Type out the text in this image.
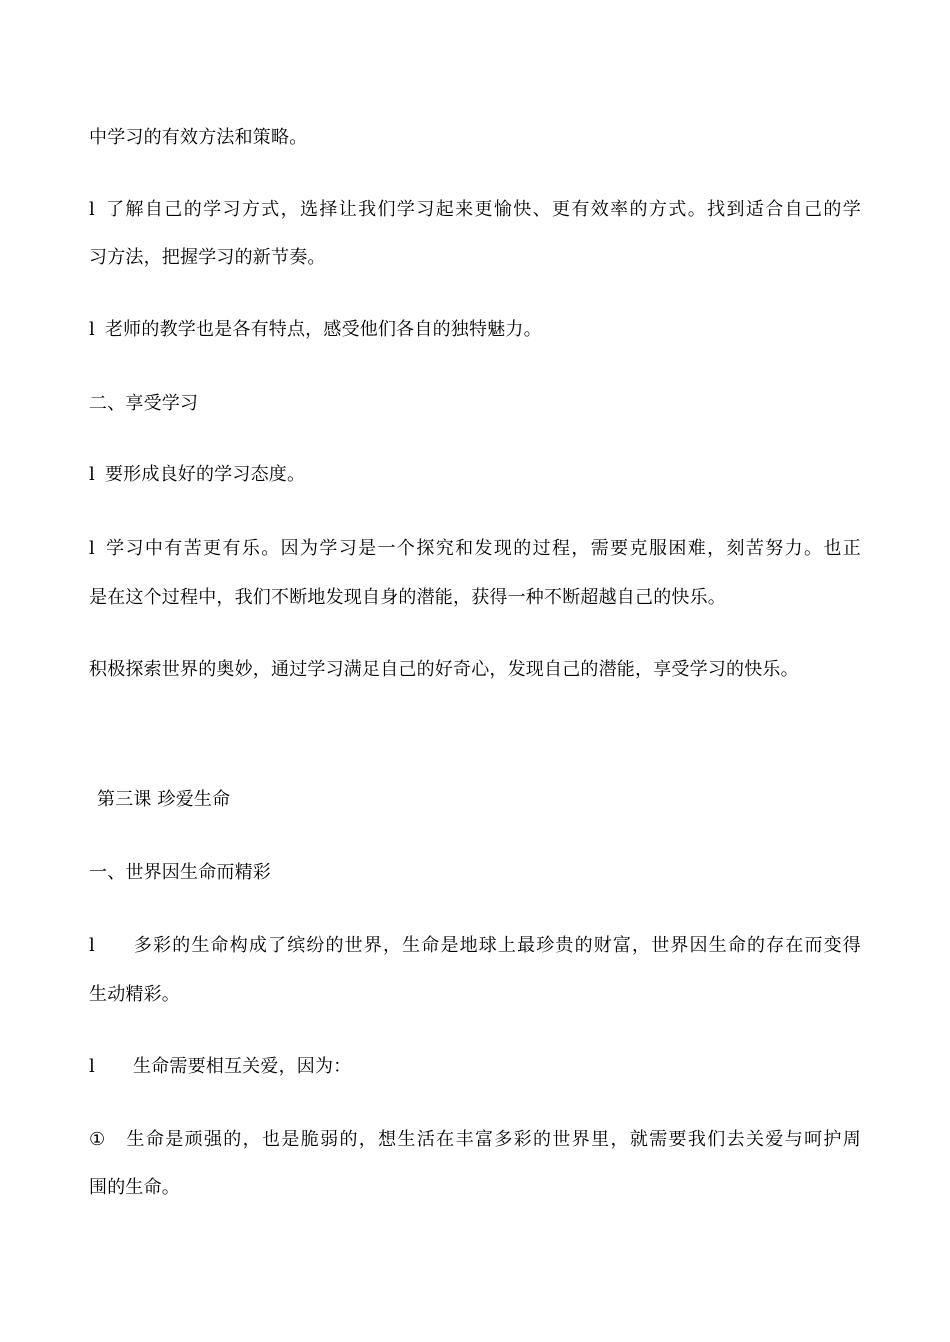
中学习的有效方法和策略。
l 了解自己的学习方式，选择让我们学习起来更愉快、更有效率的方式。找到适合自己的学
习方法，把握学习的新节奏。
l 老师的教学也是各有特点，感受他们各自的独特魅力。
二、享受学习
l 要形成良好的学习态度。
l 学习中有苦更有乐。因为学习是一个探究和发现的过程，需要克服困难，刻苦努力。也正
是在这个过程中，我们不断地发现自身的潜能，获得一种不断超越自己的快乐。
积极探索世界的奥妙，通过学习满足自己的好奇心，发现自己的潜能，享受学习的快乐。
第三课 珍爱生命
一、世界因生命而精彩
l 多彩的生命构成了缤纷的世界，生命是地球上最珍贵的财富，世界因生命的存在而变得
生动精彩。
l 生命需要相互关爱，因为：
① 生命是顽强的，也是脆弱的，想生活在丰富多彩的世界里，就需要我们去关爱与呵护周
围的生命。
